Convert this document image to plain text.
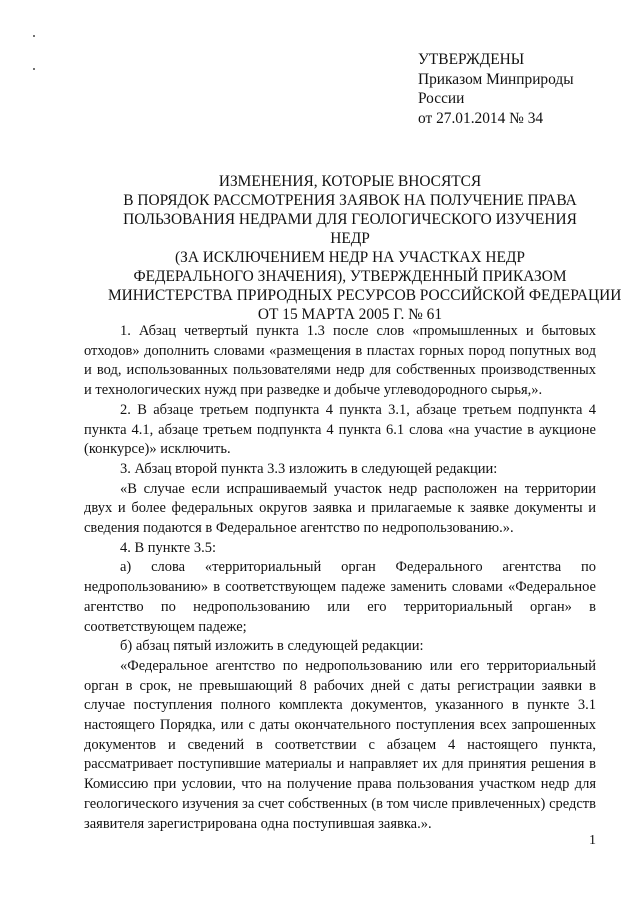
УТВЕРЖДЕНЫ
Приказом Минприроды
России
от 27.01.2014 № 34
ИЗМЕНЕНИЯ, КОТОРЫЕ ВНОСЯТСЯ
В ПОРЯДОК РАССМОТРЕНИЯ ЗАЯВОК НА ПОЛУЧЕНИЕ ПРАВА
ПОЛЬЗОВАНИЯ НЕДРАМИ ДЛЯ ГЕОЛОГИЧЕСКОГО ИЗУЧЕНИЯ
НЕДР
(ЗА ИСКЛЮЧЕНИЕМ НЕДР НА УЧАСТКАХ НЕДР
ФЕДЕРАЛЬНОГО ЗНАЧЕНИЯ), УТВЕРЖДЕННЫЙ ПРИКАЗОМ
МИНИСТЕРСТВА ПРИРОДНЫХ РЕСУРСОВ РОССИЙСКОЙ ФЕДЕРАЦИИ
ОТ 15 МАРТА 2005 Г. № 61

1. Абзац четвертый пункта 1.3 после слов «промышленных и бытовых отходов» дополнить словами «размещения в пластах горных пород попутных вод и вод, использованных пользователями недр для собственных производственных и технологических нужд при разведке и добыче углеводородного сырья,».

2. В абзаце третьем подпункта 4 пункта 3.1, абзаце третьем подпункта 4 пункта 4.1, абзаце третьем подпункта 4 пункта 6.1 слова «на участие в аукционе (конкурсе)» исключить.

3. Абзац второй пункта 3.3 изложить в следующей редакции:

«В случае если испрашиваемый участок недр расположен на территории двух и более федеральных округов заявка и прилагаемые к заявке документы и сведения подаются в Федеральное агентство по недропользованию.».

4. В пункте 3.5:

а) слова «территориальный орган Федерального агентства по недропользованию» в соответствующем падеже заменить словами «Федеральное агентство по недропользованию или его территориальный орган» в соответствующем падеже;

б) абзац пятый изложить в следующей редакции:

«Федеральное агентство по недропользованию или его территориальный орган в срок, не превышающий 8 рабочих дней с даты регистрации заявки в случае поступления полного комплекта документов, указанного в пункте 3.1 настоящего Порядка, или с даты окончательного поступления всех запрошенных документов и сведений в соответствии с абзацем 4 настоящего пункта, рассматривает поступившие материалы и направляет их для принятия решения в Комиссию при условии, что на получение права пользования участком недр для геологического изучения за счет собственных (в том числе привлеченных) средств заявителя зарегистрирована одна поступившая заявка.».

1
